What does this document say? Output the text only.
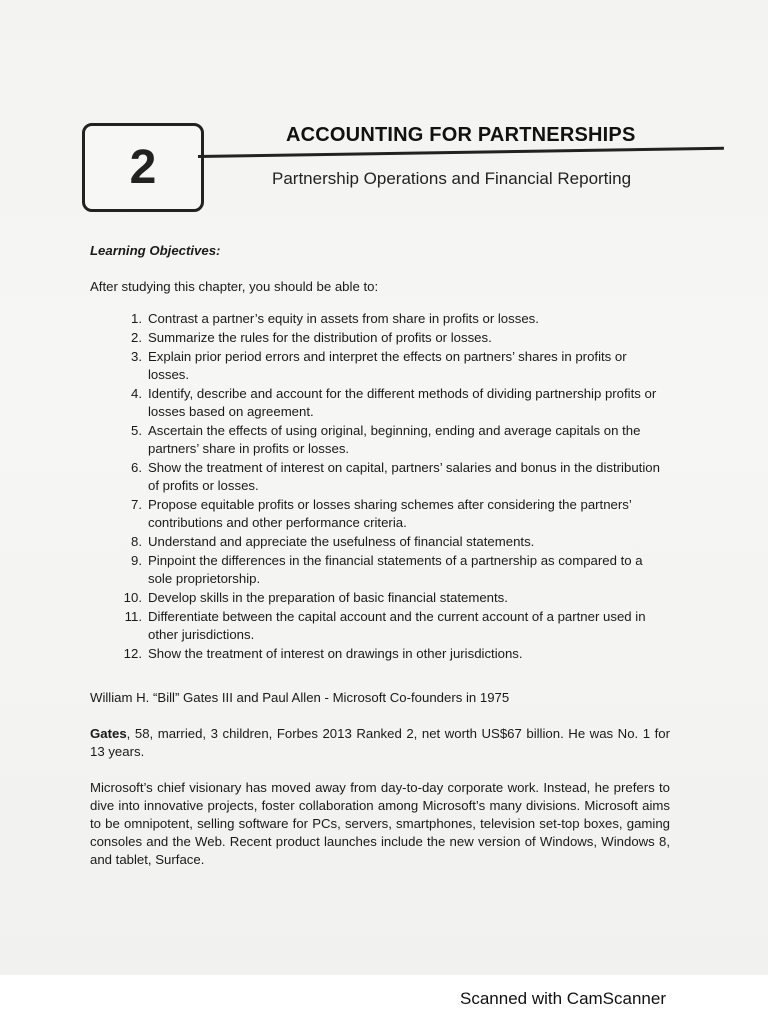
2
ACCOUNTING FOR PARTNERSHIPS
Partnership Operations and Financial Reporting

Learning Objectives:

After studying this chapter, you should be able to:

1. Contrast a partner’s equity in assets from share in profits or losses.
2. Summarize the rules for the distribution of profits or losses.
3. Explain prior period errors and interpret the effects on partners’ shares in profits or losses.
4. Identify, describe and account for the different methods of dividing partnership profits or losses based on agreement.
5. Ascertain the effects of using original, beginning, ending and average capitals on the partners’ share in profits or losses.
6. Show the treatment of interest on capital, partners’ salaries and bonus in the distribution of profits or losses.
7. Propose equitable profits or losses sharing schemes after considering the partners’ contributions and other performance criteria.
8. Understand and appreciate the usefulness of financial statements.
9. Pinpoint the differences in the financial statements of a partnership as compared to a sole proprietorship.
10. Develop skills in the preparation of basic financial statements.
11. Differentiate between the capital account and the current account of a partner used in other jurisdictions.
12. Show the treatment of interest on drawings in other jurisdictions.

William H. “Bill” Gates III and Paul Allen - Microsoft Co-founders in 1975

Gates, 58, married, 3 children, Forbes 2013 Ranked 2, net worth US$67 billion. He was No. 1 for 13 years.

Microsoft’s chief visionary has moved away from day-to-day corporate work. Instead, he prefers to dive into innovative projects, foster collaboration among Microsoft’s many divisions. Microsoft aims to be omnipotent, selling software for PCs, servers, smartphones, television set-top boxes, gaming consoles and the Web. Recent product launches include the new version of Windows, Windows 8, and tablet, Surface.

Scanned with CamScanner
